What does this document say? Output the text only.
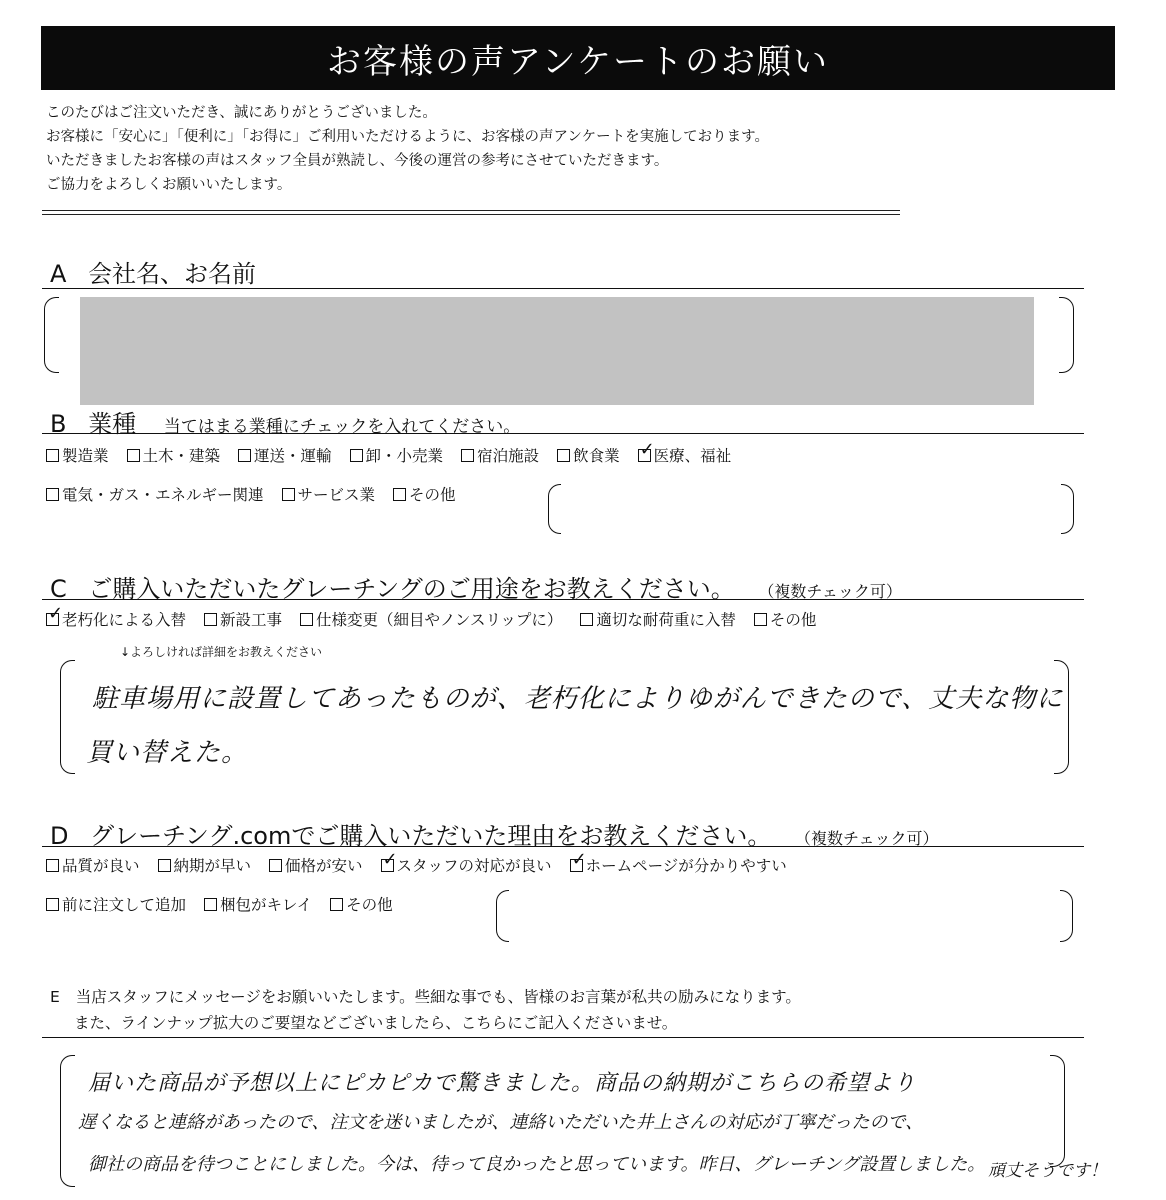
お客様の声アンケートのお願い
このたびはご注文いただき、誠にありがとうございました。
お客様に「安心に」「便利に」「お得に」ご利用いただけるように、お客様の声アンケートを実施しております。
いただきましたお客様の声はスタッフ全員が熟読し、今後の運営の参考にさせていただきます。
ご協力をよろしくお願いいたします。
A 会社名、お名前
B 業種 当てはまる業種にチェックを入れてください。
製造業	土木・建築	運送・運輸	卸・小売業	宿泊施設	飲食業 ✓	医療、福祉
電気・ガス・エネルギー関連	サービス業	その他
C ご購入いただいたグレーチングのご用途をお教えください。 （複数チェック可）
✓老朽化による入替	新設工事	仕様変更（細目やノンスリップに）	適切な耐荷重に入替	その他
↓よろしければ詳細をお教えください
駐車場用に設置してあったものが、老朽化によりゆがんできたので、丈夫な物に
買い替えた。
D グレーチング.comでご購入いただいた理由をお教えください。 （複数チェック可）
品質が良い	納期が早い	価格が安い ✓	スタッフの対応が良い ✓	ホームページが分かりやすい
前に注文して追加	梱包がキレイ	その他
E 当店スタッフにメッセージをお願いいたします。些細な事でも、皆様のお言葉が私共の励みになります。
また、ラインナップ拡大のご要望などございましたら、こちらにご記入くださいませ。
届いた商品が予想以上にピカピカで驚きました。商品の納期がこちらの希望より
遅くなると連絡があったので、注文を迷いましたが、連絡いただいた井上さんの対応が丁寧だったので、
御社の商品を待つことにしました。今は、待って良かったと思っています。昨日、グレーチング設置しました。 頑丈そうです！
